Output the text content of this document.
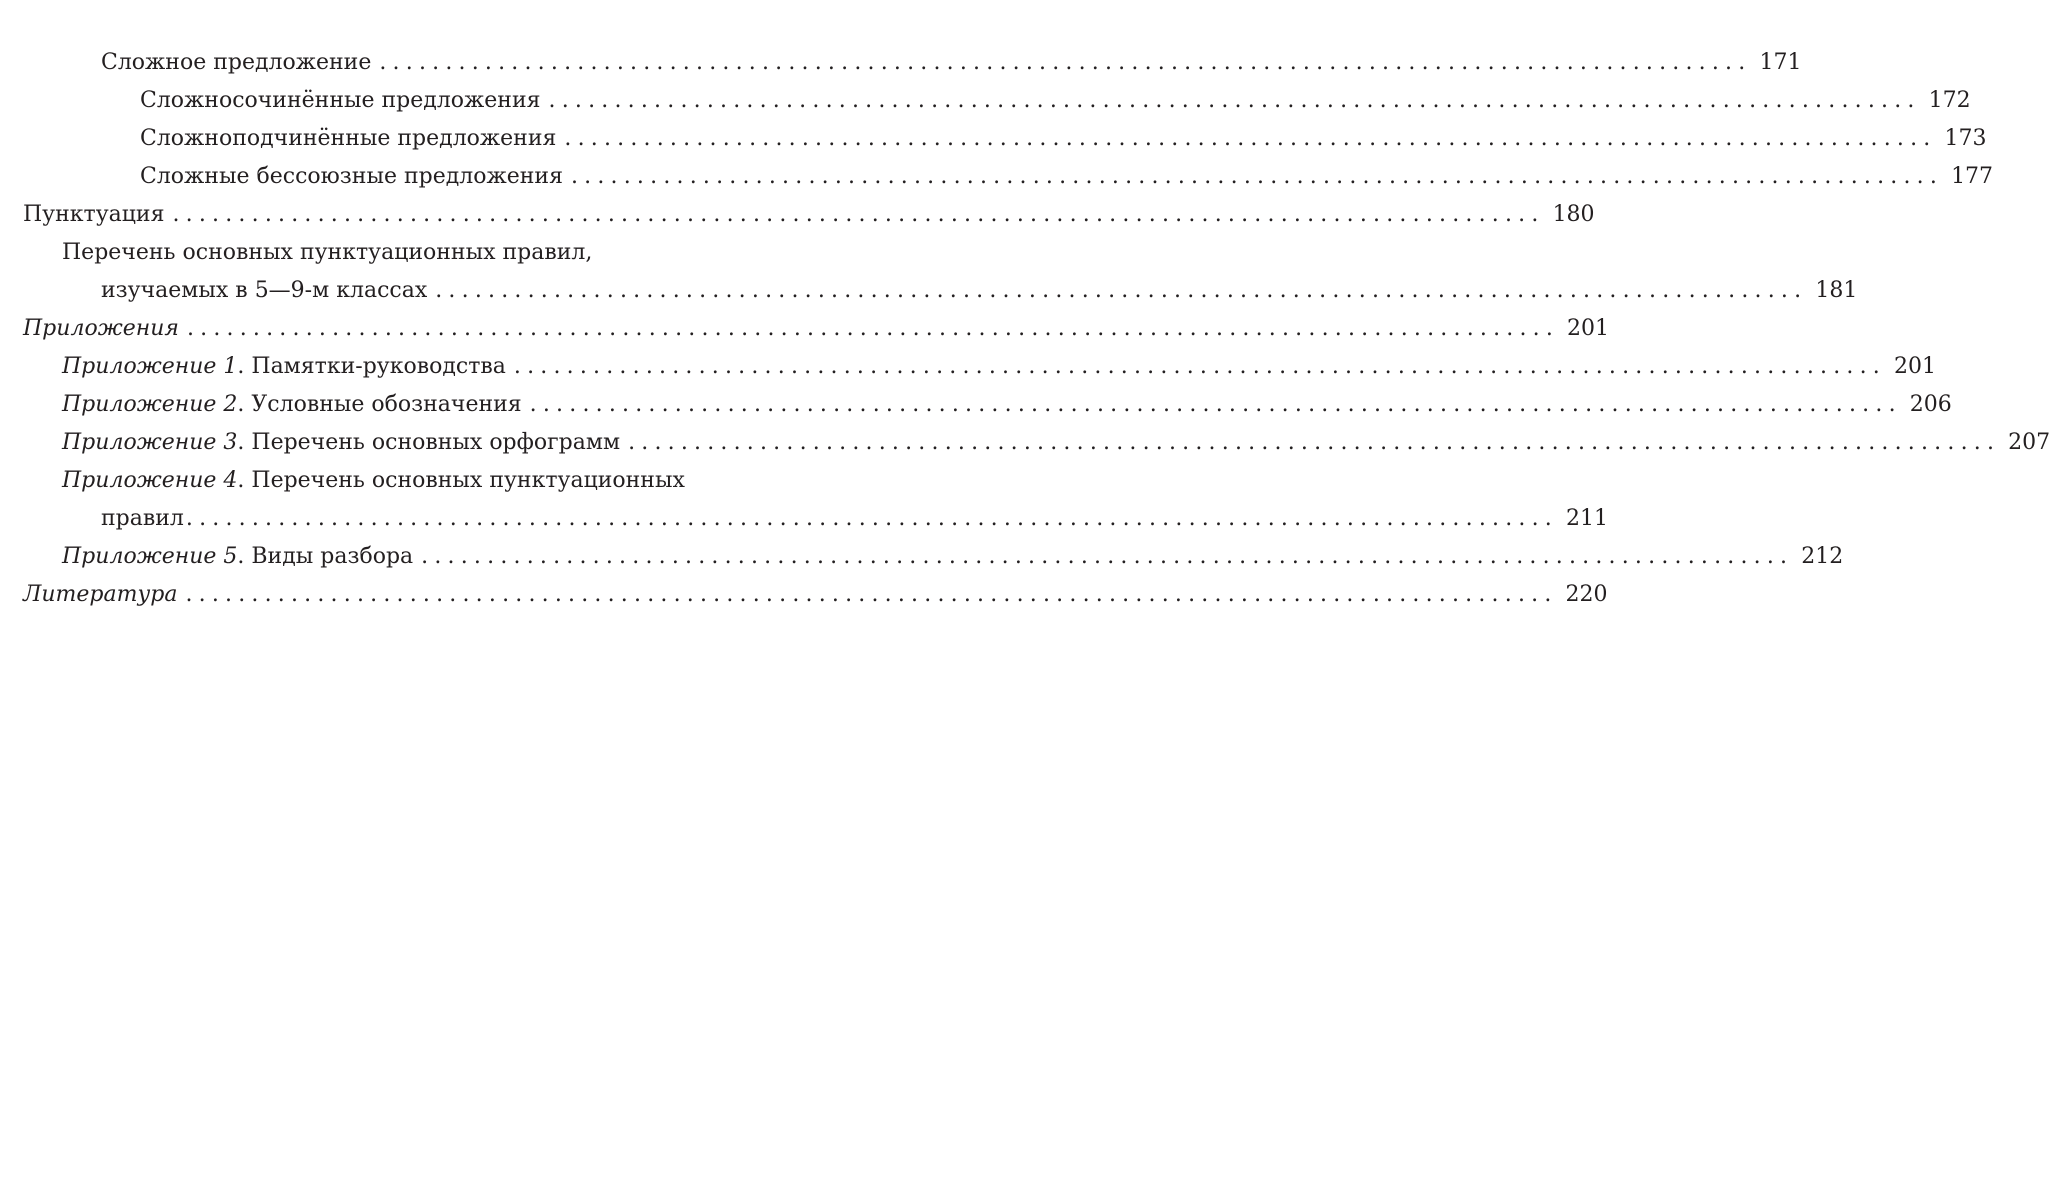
Сложное предложение ........................................................................................................ 171
Сложносочинённые предложения ........................................................................................................ 172
Сложноподчинённые предложения ........................................................................................................ 173
Сложные бессоюзные предложения ........................................................................................................ 177
Пунктуация ........................................................................................................ 180
Перечень основных пунктуационных правил,
изучаемых в 5—9-м классах ........................................................................................................ 181
Приложения ........................................................................................................ 201
Приложение 1. Памятки-руководства ........................................................................................................ 201
Приложение 2. Условные обозначения ........................................................................................................ 206
Приложение 3. Перечень основных орфограмм ........................................................................................................ 207
Приложение 4. Перечень основных пунктуационных
правил ........................................................................................................ 211
Приложение 5. Виды разбора ........................................................................................................ 212
Литература ........................................................................................................ 220
